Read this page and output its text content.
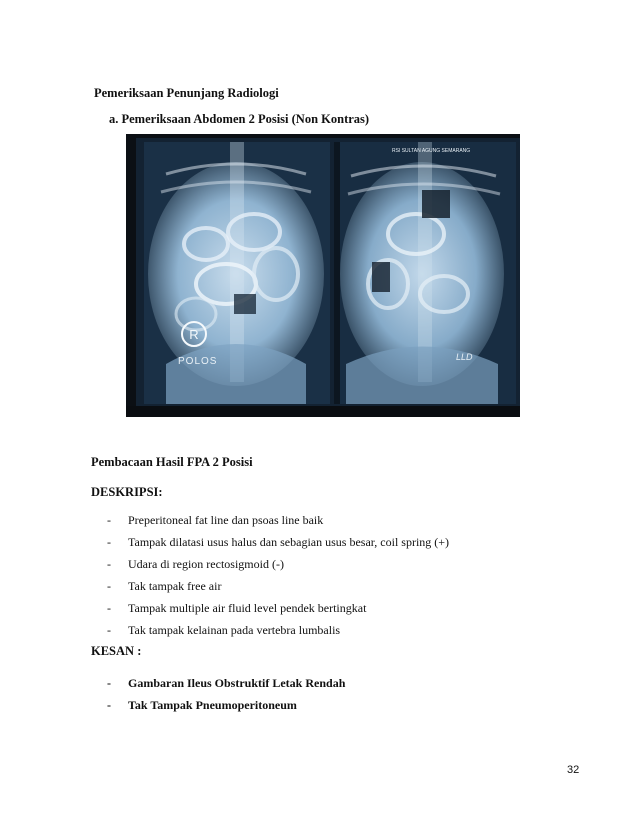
Pemeriksaan Penunjang Radiologi
a. Pemeriksaan Abdomen 2 Posisi (Non Kontras)
R
POLOS
RSI SULTAN AGUNG SEMARANG
LLD
Pembacaan Hasil FPA 2 Posisi
DESKRIPSI:
- Preperitoneal fat line dan psoas line baik
- Tampak dilatasi usus halus dan sebagian usus besar, coil spring (+)
- Udara di region rectosigmoid (-)
- Tak tampak free air
- Tampak multiple air fluid level pendek bertingkat
- Tak tampak kelainan pada vertebra lumbalis
KESAN :
- Gambaran Ileus Obstruktif Letak Rendah
- Tak Tampak Pneumoperitoneum
32
